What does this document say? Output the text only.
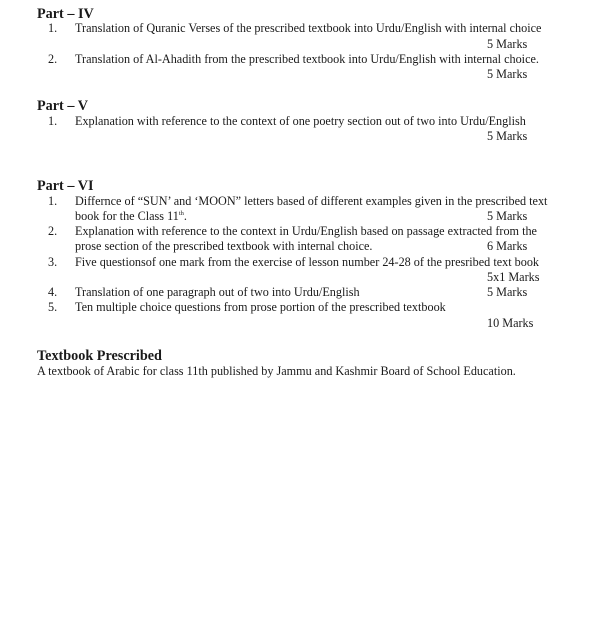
Part – IV
1. Translation of Quranic Verses of the prescribed textbook into Urdu/English with internal choice
5 Marks
2. Translation of Al-Ahadith from the prescribed textbook into Urdu/English with internal choice.
5 Marks
Part – V
1. Explanation with reference to the context of one poetry section out of two into Urdu/English
5 Marks
Part – VI
1. Differnce of “SUN’ and ‘MOON” letters based of different examples given in the prescribed text
book for the Class 11th.	5 Marks
2. Explanation with reference to the context in Urdu/English based on passage extracted from the
prose section of the prescribed textbook with internal choice.	6 Marks
3. Five questionsof one mark from the exercise of lesson number 24-28 of the presribed text book
5x1 Marks
4. Translation of one paragraph out of two into Urdu/English	5 Marks
5. Ten multiple choice questions from prose portion of the prescribed textbook
10 Marks
Textbook Prescribed

A textbook of Arabic for class 11th published by Jammu and Kashmir Board of School Education.
